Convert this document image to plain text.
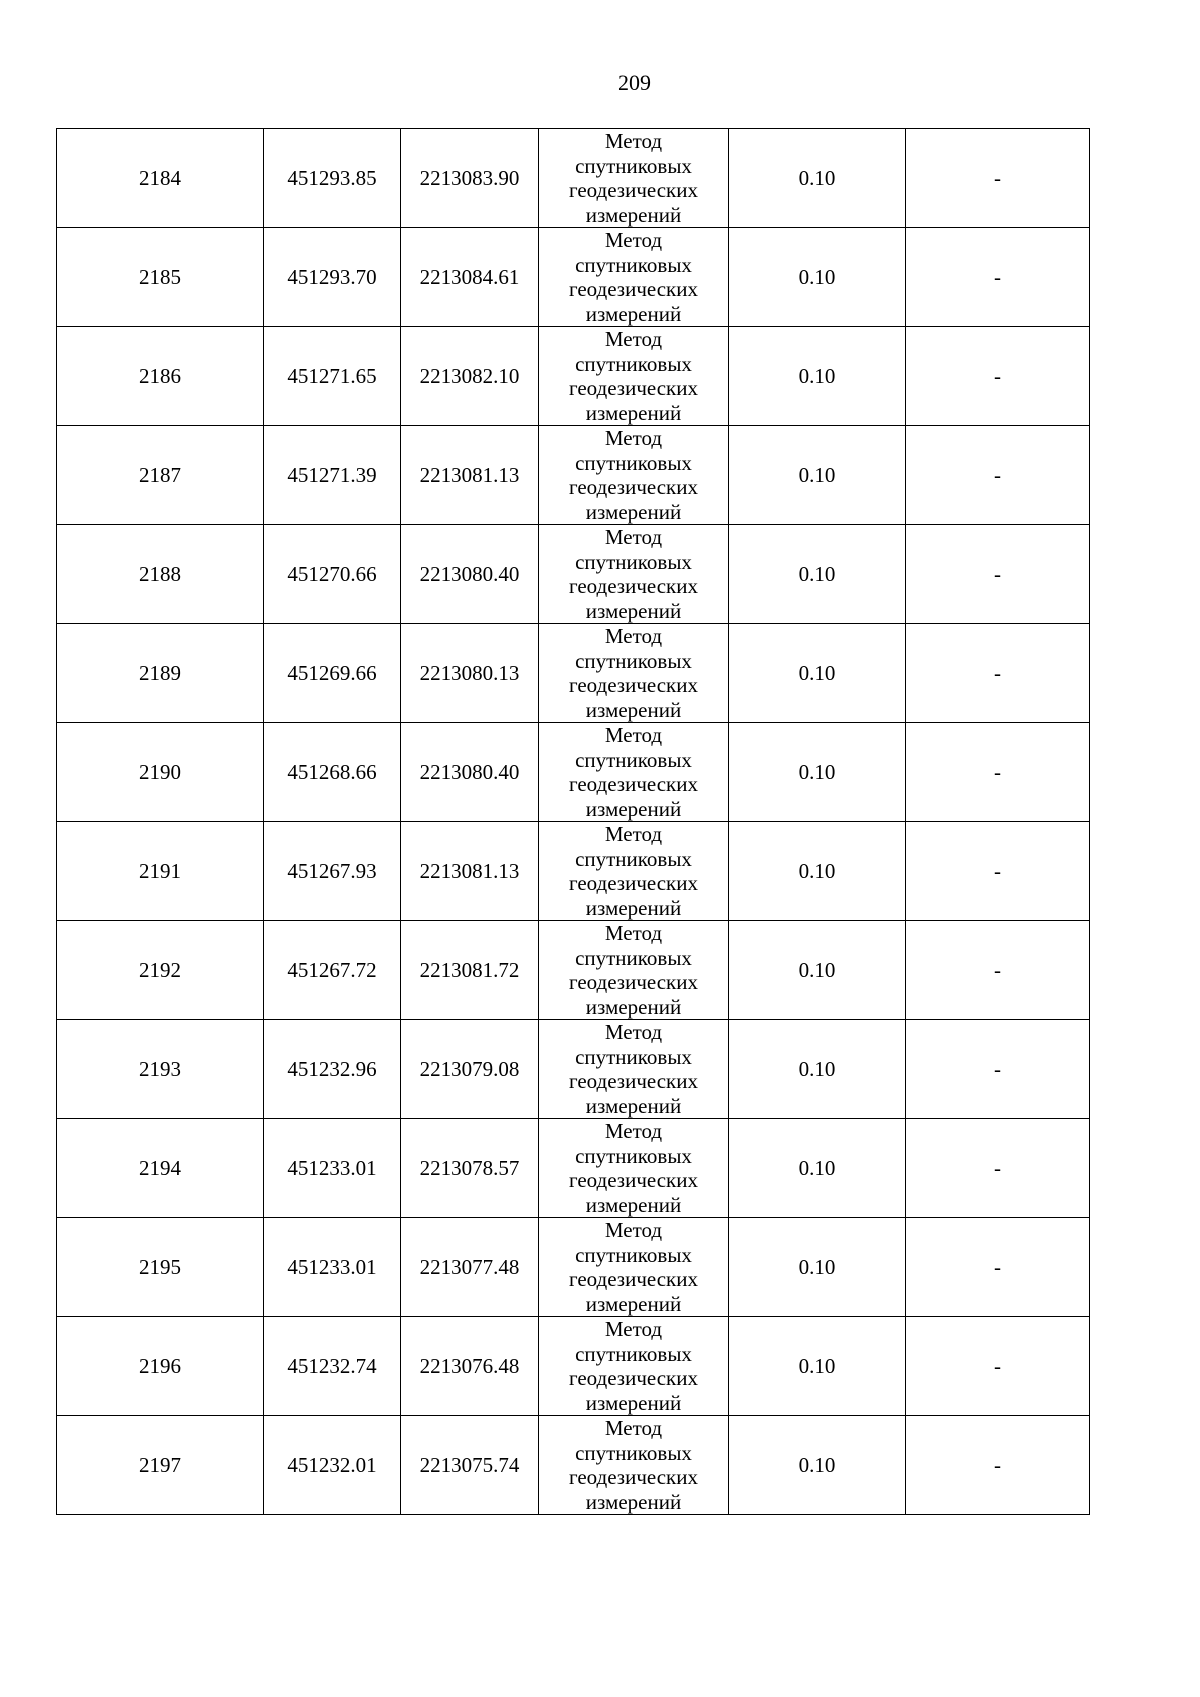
209
2184	451293.85	2213083.90	Метод
спутниковых
геодезических
измерений	0.10	-
2185	451293.70	2213084.61	Метод
спутниковых
геодезических
измерений	0.10	-
2186	451271.65	2213082.10	Метод
спутниковых
геодезических
измерений	0.10	-
2187	451271.39	2213081.13	Метод
спутниковых
геодезических
измерений	0.10	-
2188	451270.66	2213080.40	Метод
спутниковых
геодезических
измерений	0.10	-
2189	451269.66	2213080.13	Метод
спутниковых
геодезических
измерений	0.10	-
2190	451268.66	2213080.40	Метод
спутниковых
геодезических
измерений	0.10	-
2191	451267.93	2213081.13	Метод
спутниковых
геодезических
измерений	0.10	-
2192	451267.72	2213081.72	Метод
спутниковых
геодезических
измерений	0.10	-
2193	451232.96	2213079.08	Метод
спутниковых
геодезических
измерений	0.10	-
2194	451233.01	2213078.57	Метод
спутниковых
геодезических
измерений	0.10	-
2195	451233.01	2213077.48	Метод
спутниковых
геодезических
измерений	0.10	-
2196	451232.74	2213076.48	Метод
спутниковых
геодезических
измерений	0.10	-
2197	451232.01	2213075.74	Метод
спутниковых
геодезических
измерений	0.10	-
